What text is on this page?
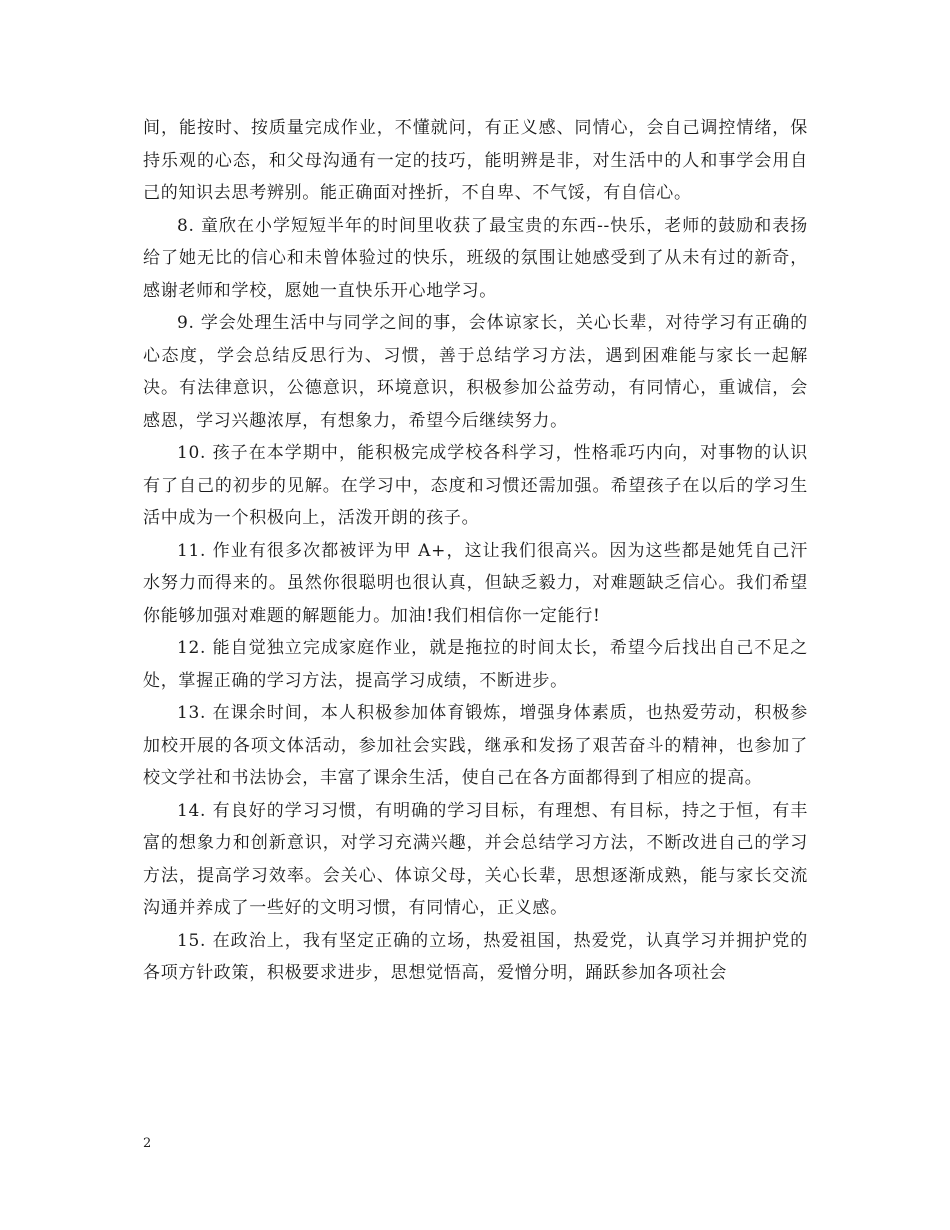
间，能按时、按质量完成作业，不懂就问，有正义感、同情心，会自己调控情绪，保持乐观的心态，和父母沟通有一定的技巧，能明辨是非，对生活中的人和事学会用自己的知识去思考辨别。能正确面对挫折，不自卑、不气馁，有自信心。

8. 童欣在小学短短半年的时间里收获了最宝贵的东西--快乐，老师的鼓励和表扬给了她无比的信心和未曾体验过的快乐，班级的氛围让她感受到了从未有过的新奇，感谢老师和学校，愿她一直快乐开心地学习。

9. 学会处理生活中与同学之间的事，会体谅家长，关心长辈，对待学习有正确的心态度，学会总结反思行为、习惯，善于总结学习方法，遇到困难能与家长一起解决。有法律意识，公德意识，环境意识，积极参加公益劳动，有同情心，重诚信，会感恩，学习兴趣浓厚，有想象力，希望今后继续努力。

10. 孩子在本学期中，能积极完成学校各科学习，性格乖巧内向，对事物的认识有了自己的初步的见解。在学习中，态度和习惯还需加强。希望孩子在以后的学习生活中成为一个积极向上，活泼开朗的孩子。

11. 作业有很多次都被评为甲 A+，这让我们很高兴。因为这些都是她凭自己汗水努力而得来的。虽然你很聪明也很认真，但缺乏毅力，对难题缺乏信心。我们希望你能够加强对难题的解题能力。加油!我们相信你一定能行!

12. 能自觉独立完成家庭作业，就是拖拉的时间太长，希望今后找出自己不足之处，掌握正确的学习方法，提高学习成绩，不断进步。

13. 在课余时间，本人积极参加体育锻炼，增强身体素质，也热爱劳动，积极参加校开展的各项文体活动，参加社会实践，继承和发扬了艰苦奋斗的精神，也参加了校文学社和书法协会，丰富了课余生活，使自己在各方面都得到了相应的提高。

14. 有良好的学习习惯，有明确的学习目标，有理想、有目标，持之于恒，有丰富的想象力和创新意识，对学习充满兴趣，并会总结学习方法，不断改进自己的学习方法，提高学习效率。会关心、体谅父母，关心长辈，思想逐渐成熟，能与家长交流沟通并养成了一些好的文明习惯，有同情心，正义感。

15. 在政治上，我有坚定正确的立场，热爱祖国，热爱党，认真学习并拥护党的各项方针政策，积极要求进步，思想觉悟高，爱憎分明，踊跃参加各项社会

2
